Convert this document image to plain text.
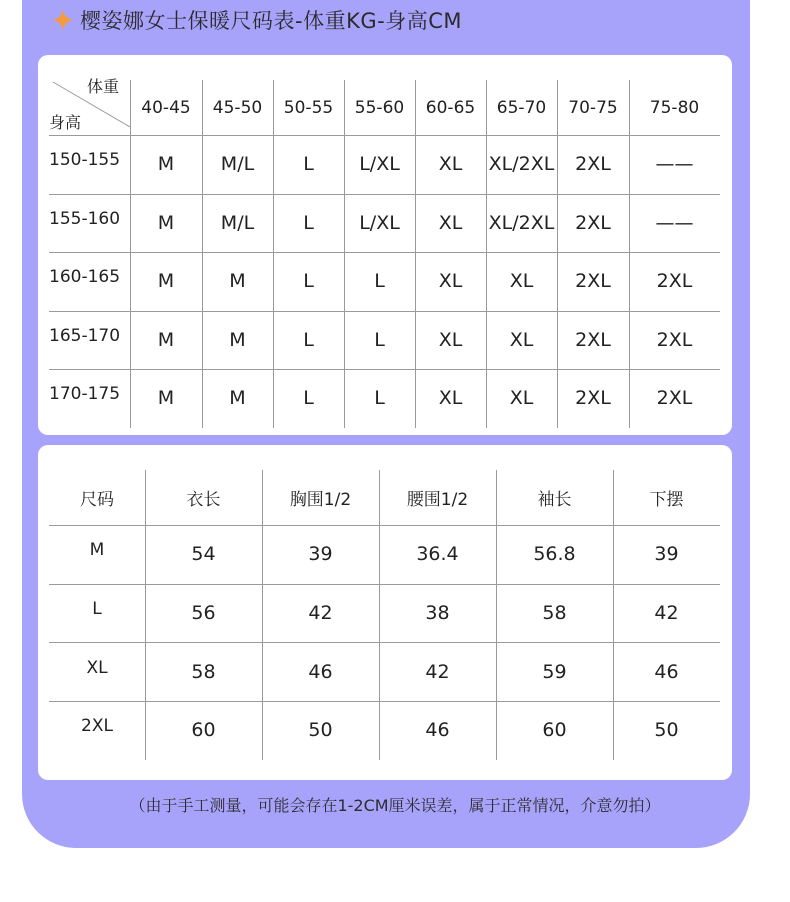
樱姿娜女士保暖尺码表-体重KG-身高CM
体重
身高
40-45	45-50	50-55	55-60	60-65	65-70	70-75	75-80
150-155	M	M/L	L	L/XL	XL	XL/2XL	2XL	——
155-160	M	M/L	L	L/XL	XL	XL/2XL	2XL	——
160-165	M	M	L	L	XL	XL	2XL	2XL
165-170	M	M	L	L	XL	XL	2XL	2XL
170-175	M	M	L	L	XL	XL	2XL	2XL
尺码	衣长	胸围1/2	腰围1/2	袖长	下摆
M	54	39	36.4	56.8	39
L	56	42	38	58	42
XL	58	46	42	59	46
2XL	60	50	46	60	50
（由于手工测量，可能会存在1-2CM厘米误差，属于正常情况，介意勿拍）
